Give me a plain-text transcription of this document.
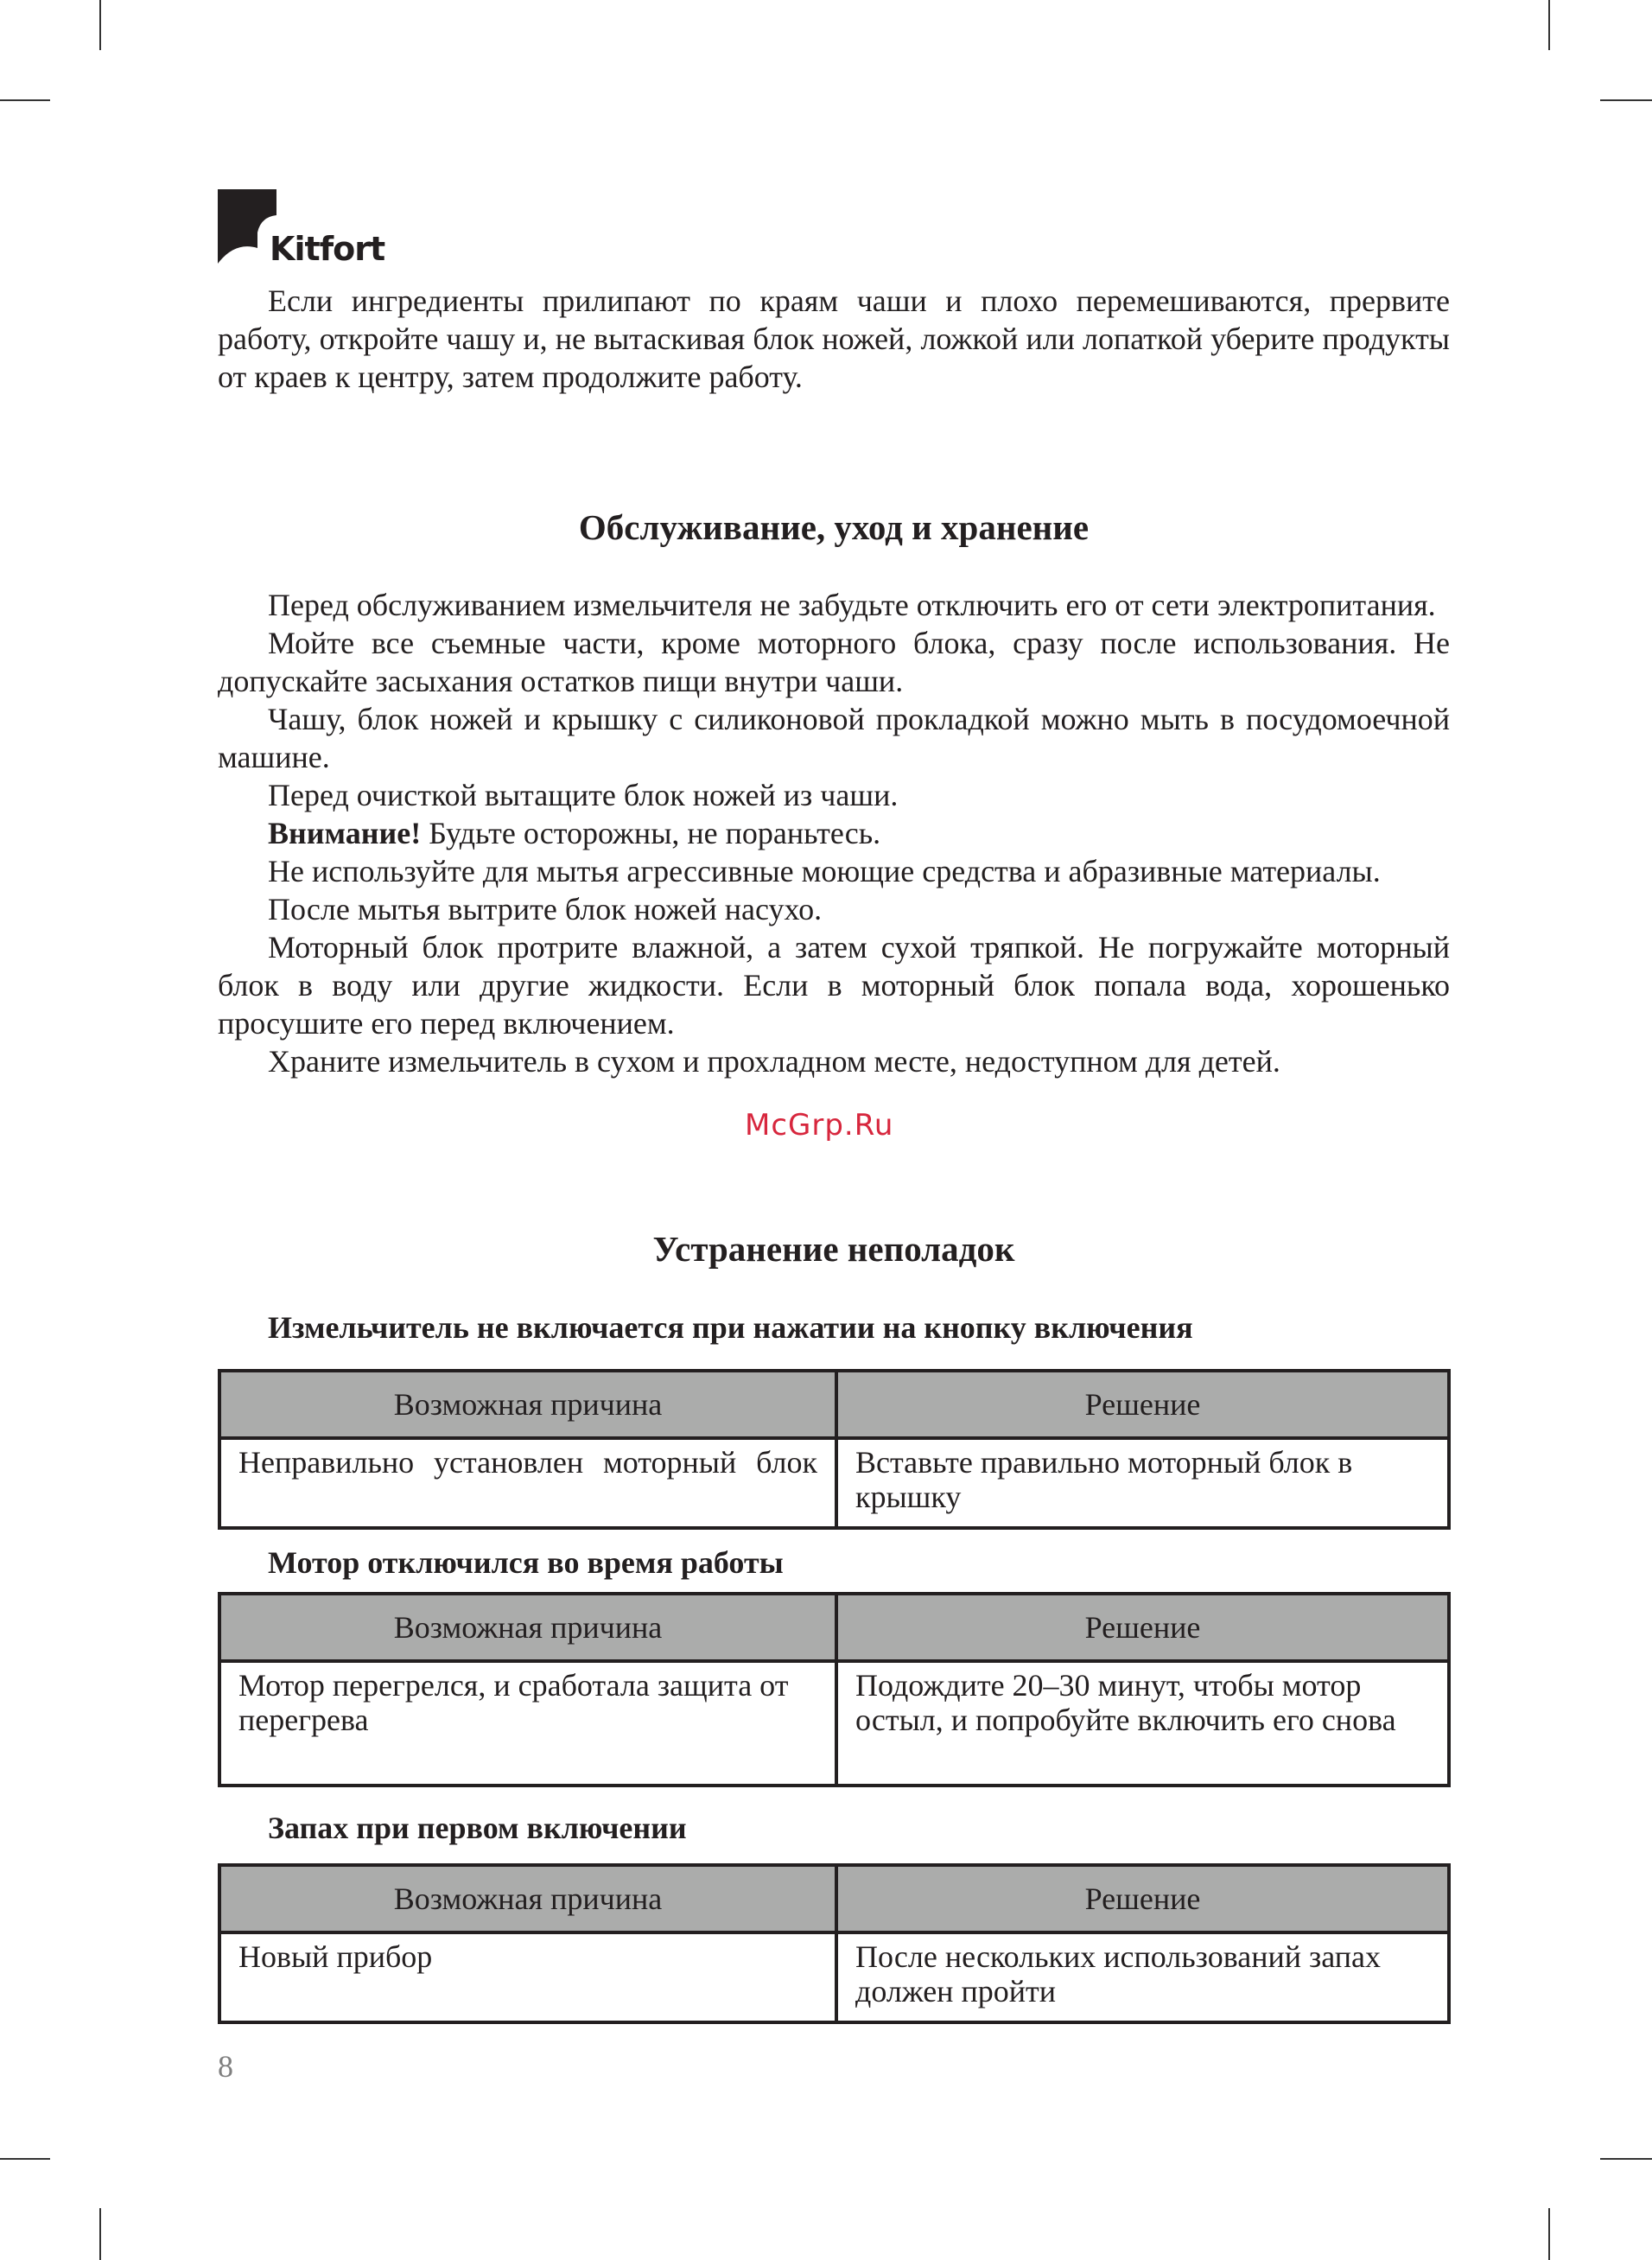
Kitfort

Если ингредиенты прилипают по краям чаши и плохо перемешиваются, прервите работу, откройте чашу и, не вытаскивая блок ножей, ложкой или лопаткой уберите продукты от краев к центру, затем продолжите работу.

Обслуживание, уход и хранение

Перед обслуживанием измельчителя не забудьте отключить его от сети электропитания.

Мойте все съемные части, кроме моторного блока, сразу после использования. Не допускайте засыхания остатков пищи внутри чаши.

Чашу, блок ножей и крышку с силиконовой прокладкой можно мыть в посудомоечной машине.

Перед очисткой вытащите блок ножей из чаши.

Внимание! Будьте осторожны, не пораньтесь.

Не используйте для мытья агрессивные моющие средства и абразивные материалы.

После мытья вытрите блок ножей насухо.

Моторный блок протрите влажной, а затем сухой тряпкой. Не погружайте моторный блок в воду или другие жидкости. Если в моторный блок попала вода, хорошенько просушите его перед включением.

Храните измельчитель в сухом и прохладном месте, недоступном для детей.

McGrp.Ru
Устранение неполадок
Измельчитель не включается при нажатии на кнопку включения
Возможная причина	Решение
Неправильно установлен моторный блок	Вставьте правильно моторный блок в крышку
Мотор отключился во время работы
Возможная причина	Решение
Мотор перегрелся, и сработала защита от перегрева	Подождите 20–30 минут, чтобы мотор остыл, и попробуйте включить его снова
Запах при первом включении
Возможная причина	Решение
Новый прибор	После нескольких использований запах должен пройти
8
